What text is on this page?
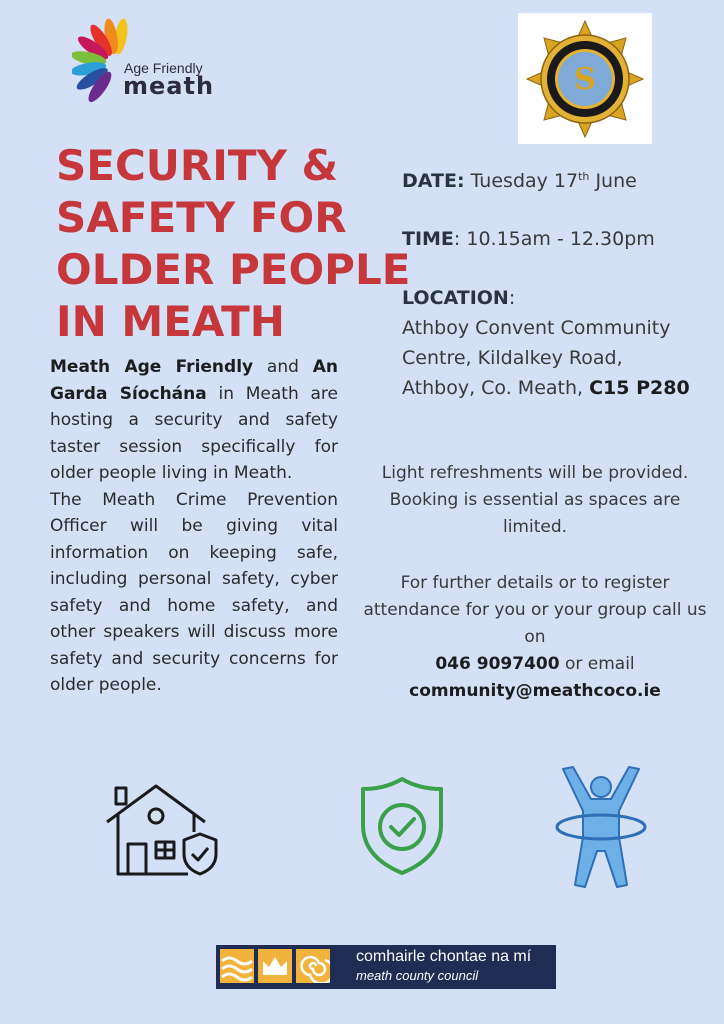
Age Friendly
meath	S
SECURITY &
SAFETY FOR
OLDER PEOPLE
IN MEATH

Meath Age Friendly and An Garda Síochána in Meath are hosting a security and safety taster session specifically for older people living in Meath.

The Meath Crime Prevention Officer will be giving vital information on keeping safe, including personal safety, cyber safety and home safety, and other speakers will discuss more safety and security concerns for older people.

DATE: Tuesday 17th June
TIME: 10.15am - 12.30pm
LOCATION:
Athboy Convent Community
Centre, Kildalkey Road,
Athboy, Co. Meath, C15 P280
Light refreshments will be provided. Booking is essential as spaces are limited.
For further details or to register attendance for you or your group call us on
046 9097400 or email
community@meathcoco.ie
comhairle chontae na mí
meath county council
